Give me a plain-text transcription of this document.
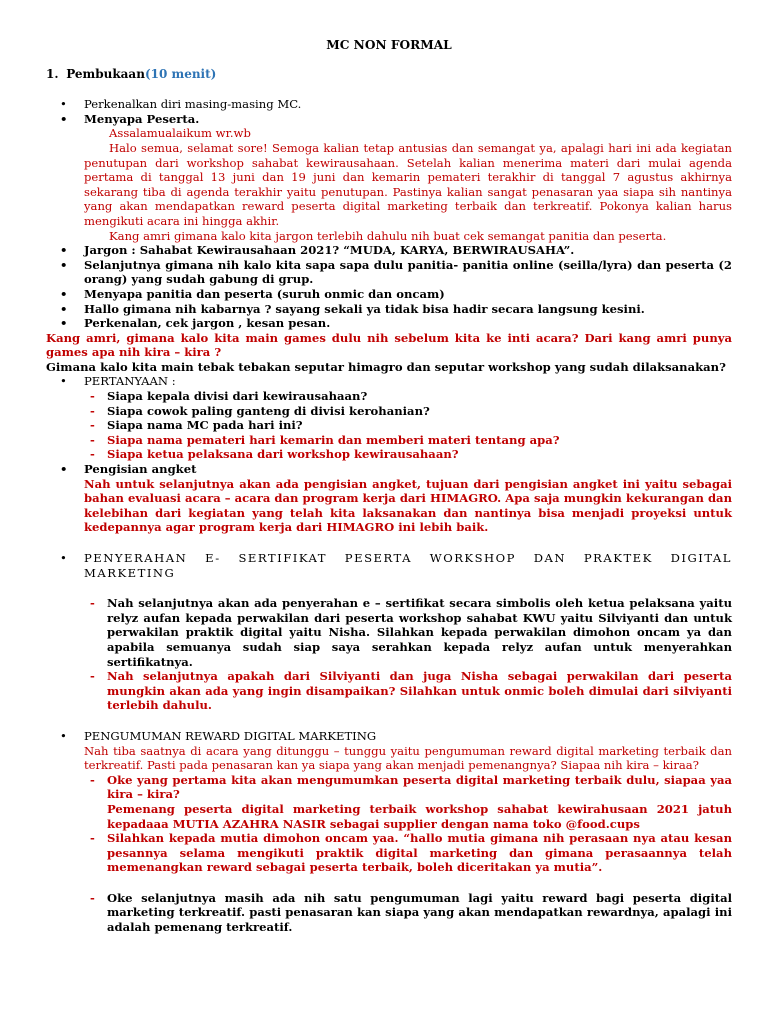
MC NON FORMAL
1. Pembukaan(10 menit)
• Perkenalkan diri masing-masing MC.
• Menyapa Peserta.
Assalamualaikum wr.wb
Halo semua, selamat sore! Semoga kalian tetap antusias dan semangat ya, apalagi hari ini ada kegiatan penutupan dari workshop sahabat kewirausahaan. Setelah kalian menerima materi dari mulai agenda pertama di tanggal 13 juni dan 19 juni dan kemarin pemateri terakhir di tanggal 7 agustus akhirnya sekarang tiba di agenda terakhir yaitu penutupan. Pastinya kalian sangat penasaran yaa siapa sih nantinya yang akan mendapatkan reward peserta digital marketing terbaik dan terkreatif. Pokonya kalian harus mengikuti acara ini hingga akhir.
Kang amri gimana kalo kita jargon terlebih dahulu nih buat cek semangat panitia dan peserta.
• Jargon : Sahabat Kewirausahaan 2021? “MUDA, KARYA, BERWIRAUSAHA”.
• Selanjutnya gimana nih kalo kita sapa sapa dulu panitia- panitia online (seilla/lyra) dan peserta (2 orang) yang sudah gabung di grup.
• Menyapa panitia dan peserta (suruh onmic dan oncam)
• Hallo gimana nih kabarnya ? sayang sekali ya tidak bisa hadir secara langsung kesini.
• Perkenalan, cek jargon , kesan pesan.
Kang amri, gimana kalo kita main games dulu nih sebelum kita ke inti acara? Dari kang amri punya games apa nih kira – kira ?
Gimana kalo kita main tebak tebakan seputar himagro dan seputar workshop yang sudah dilaksanakan?
• PERTANYAAN :
- Siapa kepala divisi dari kewirausahaan?
- Siapa cowok paling ganteng di divisi kerohanian?
- Siapa nama MC pada hari ini?
- Siapa nama pemateri hari kemarin dan memberi materi tentang apa?
- Siapa ketua pelaksana dari workshop kewirausahaan?
• Pengisian angket
Nah untuk selanjutnya akan ada pengisian angket, tujuan dari pengisian angket ini yaitu sebagai bahan evaluasi acara – acara dan program kerja dari HIMAGRO. Apa saja mungkin kekurangan dan kelebihan dari kegiatan yang telah kita laksanakan dan nantinya bisa menjadi proyeksi untuk kedepannya agar program kerja dari HIMAGRO ini lebih baik.
• PENYERAHAN E- SERTIFIKAT PESERTA WORKSHOP DAN PRAKTEK DIGITAL MARKETING
- Nah selanjutnya akan ada penyerahan e – sertifikat secara simbolis oleh ketua pelaksana yaitu relyz aufan kepada perwakilan dari peserta workshop sahabat KWU yaitu Silviyanti dan untuk perwakilan praktik digital yaitu Nisha. Silahkan kepada perwakilan dimohon oncam ya dan apabila semuanya sudah siap saya serahkan kepada relyz aufan untuk menyerahkan sertifikatnya.
- Nah selanjutnya apakah dari Silviyanti dan juga Nisha sebagai perwakilan dari peserta mungkin akan ada yang ingin disampaikan? Silahkan untuk onmic boleh dimulai dari silviyanti terlebih dahulu.
• PENGUMUMAN REWARD DIGITAL MARKETING
Nah tiba saatnya di acara yang ditunggu – tunggu yaitu pengumuman reward digital marketing terbaik dan terkreatif. Pasti pada penasaran kan ya siapa yang akan menjadi pemenangnya? Siapaa nih kira – kiraa?
- Oke yang pertama kita akan mengumumkan peserta digital marketing terbaik dulu, siapaa yaa kira – kira?
Pemenang peserta digital marketing terbaik workshop sahabat kewirahusaan 2021 jatuh kepadaaa MUTIA AZAHRA NASIR sebagai supplier dengan nama toko @food.cups
- Silahkan kepada mutia dimohon oncam yaa. “hallo mutia gimana nih perasaan nya atau kesan pesannya selama mengikuti praktik digital marketing dan gimana perasaannya telah memenangkan reward sebagai peserta terbaik, boleh diceritakan ya mutia”.
- Oke selanjutnya masih ada nih satu pengumuman lagi yaitu reward bagi peserta digital marketing terkreatif. pasti penasaran kan siapa yang akan mendapatkan rewardnya, apalagi ini adalah pemenang terkreatif.
